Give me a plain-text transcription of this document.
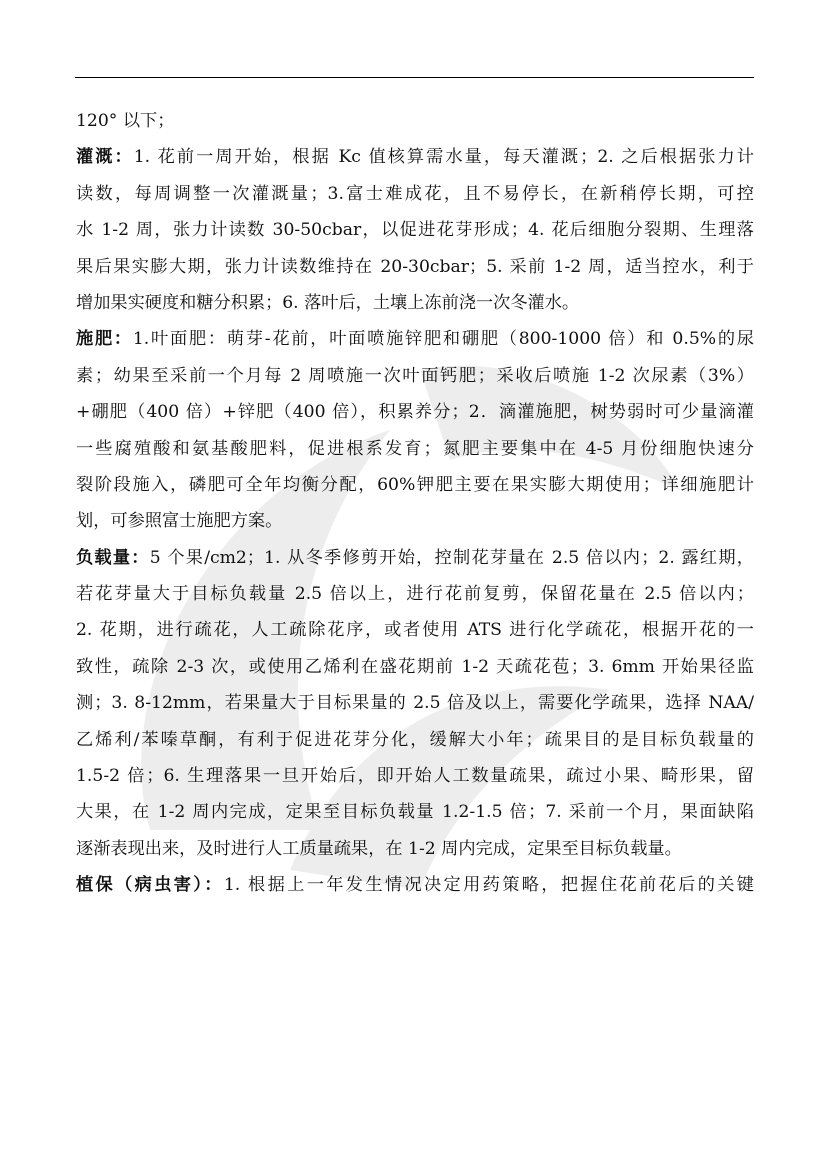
120° 以下；
灌溉：1. 花前一周开始，根据 Kc 值核算需水量，每天灌溉；2. 之后根据张力计
读数，每周调整一次灌溉量；3.富士难成花，且不易停长，在新稍停长期，可控
水 1-2 周，张力计读数 30-50cbar，以促进花芽形成；4. 花后细胞分裂期、生理落
果后果实膨大期，张力计读数维持在 20-30cbar；5. 采前 1-2 周，适当控水，利于
增加果实硬度和糖分积累；6. 落叶后，土壤上冻前浇一次冬灌水。
施肥：1.叶面肥：萌芽-花前，叶面喷施锌肥和硼肥（800-1000 倍）和 0.5%的尿
素；幼果至采前一个月每 2 周喷施一次叶面钙肥；采收后喷施 1-2 次尿素（3%）
+硼肥（400 倍）+锌肥（400 倍），积累养分；2．滴灌施肥，树势弱时可少量滴灌
一些腐殖酸和氨基酸肥料，促进根系发育；氮肥主要集中在 4-5 月份细胞快速分
裂阶段施入，磷肥可全年均衡分配，60%钾肥主要在果实膨大期使用；详细施肥计
划，可参照富士施肥方案。
负载量：5 个果/cm2；1. 从冬季修剪开始，控制花芽量在 2.5 倍以内；2. 露红期，
若花芽量大于目标负载量 2.5 倍以上，进行花前复剪，保留花量在 2.5 倍以内；
2. 花期，进行疏花，人工疏除花序，或者使用 ATS 进行化学疏花，根据开花的一
致性，疏除 2-3 次，或使用乙烯利在盛花期前 1-2 天疏花苞；3. 6mm 开始果径监
测；3. 8-12mm，若果量大于目标果量的 2.5 倍及以上，需要化学疏果，选择 NAA/
乙烯利/苯嗪草酮，有利于促进花芽分化，缓解大小年；疏果目的是目标负载量的
1.5-2 倍；6. 生理落果一旦开始后，即开始人工数量疏果，疏过小果、畸形果，留
大果，在 1-2 周内完成，定果至目标负载量 1.2-1.5 倍；7. 采前一个月，果面缺陷
逐渐表现出来，及时进行人工质量疏果，在 1-2 周内完成，定果至目标负载量。
植保（病虫害）：1. 根据上一年发生情况决定用药策略，把握住花前花后的关键
